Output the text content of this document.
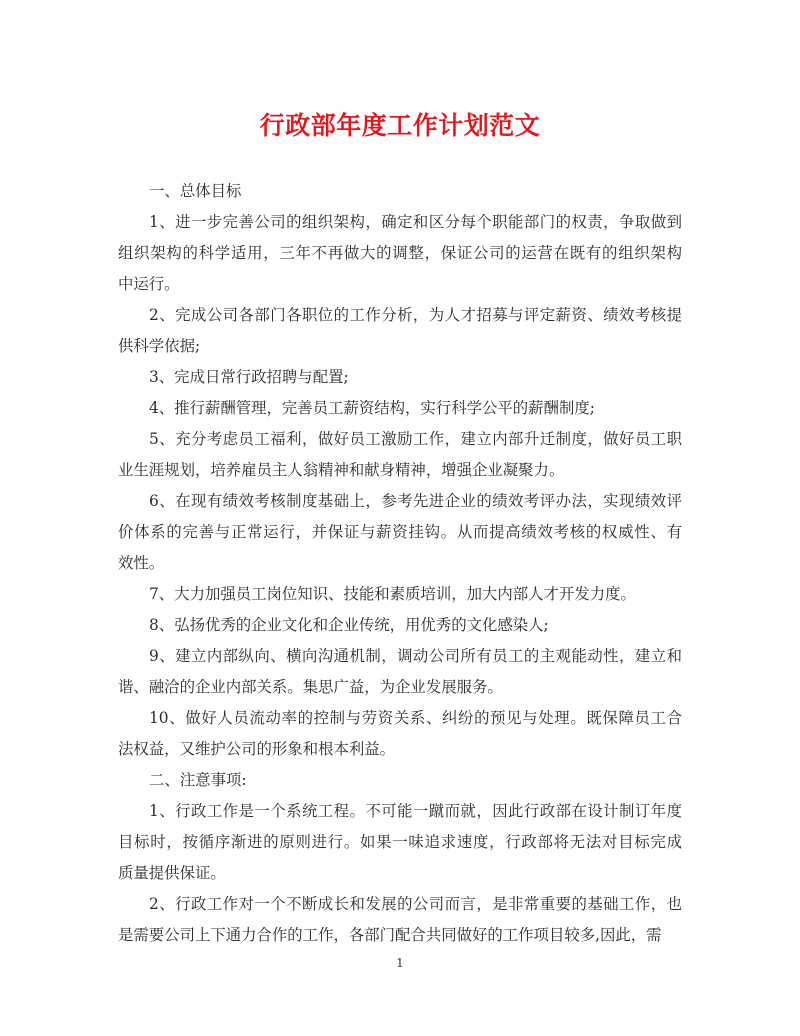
行政部年度工作计划范文
一、总体目标
1、进一步完善公司的组织架构，确定和区分每个职能部门的权责，争取做到
组织架构的科学适用，三年不再做大的调整，保证公司的运营在既有的组织架构
中运行。
2、完成公司各部门各职位的工作分析，为人才招募与评定薪资、绩效考核提
供科学依据;
3、完成日常行政招聘与配置;
4、推行薪酬管理，完善员工薪资结构，实行科学公平的薪酬制度;
5、充分考虑员工福利，做好员工激励工作，建立内部升迁制度，做好员工职
业生涯规划，培养雇员主人翁精神和献身精神，增强企业凝聚力。
6、在现有绩效考核制度基础上，参考先进企业的绩效考评办法，实现绩效评
价体系的完善与正常运行，并保证与薪资挂钩。从而提高绩效考核的权威性、有
效性。
7、大力加强员工岗位知识、技能和素质培训，加大内部人才开发力度。
8、弘扬优秀的企业文化和企业传统，用优秀的文化感染人;
9、建立内部纵向、横向沟通机制，调动公司所有员工的主观能动性，建立和
谐、融洽的企业内部关系。集思广益，为企业发展服务。
10、做好人员流动率的控制与劳资关系、纠纷的预见与处理。既保障员工合
法权益，又维护公司的形象和根本利益。
二、注意事项:
1、行政工作是一个系统工程。不可能一蹴而就，因此行政部在设计制订年度
目标时，按循序渐进的原则进行。如果一味追求速度，行政部将无法对目标完成
质量提供保证。
2、行政工作对一个不断成长和发展的公司而言，是非常重要的基础工作，也
是需要公司上下通力合作的工作，各部门配合共同做好的工作项目较多,因此，需
1
